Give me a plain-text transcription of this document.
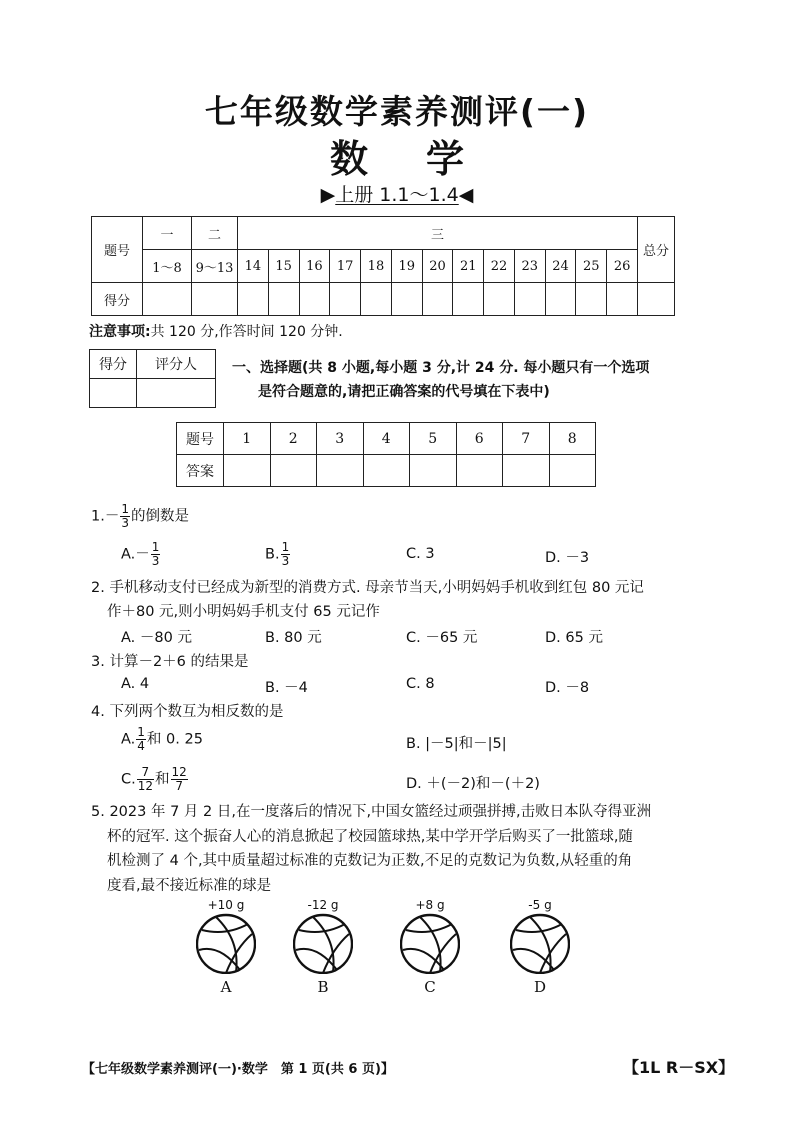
七年级数学素养测评(一)
数学
▶上册 1.1～1.4◀
题号	一	二	三													总分
	1～8	9～13	14	15	16	17	18	19	20	21	22	23	24	25	26	
得分																
注意事项:共 120 分,作答时间 120 分钟.
得分	评分人
		一、选择题(共 8 小题,每小题 3 分,计 24 分. 每小题只有一个选项
是符合题意的,请把正确答案的代号填在下表中)
题号	1	2	3	4	5	6	7	8
答案								
$1.- \frac{1}{3}$ 的倒数是
$A.- \frac{1}{3}$	B. $\frac{1}{3}$	C. 3	D. －3
2. 手机移动支付已经成为新型的消费方式. 母亲节当天,小明妈妈手机收到红包 80 元记
作＋80 元,则小明妈妈手机支付 65 元记作
A. －80 元	B. 80 元	C. －65 元	D. 65 元
3. 计算－2＋6 的结果是
A. 4	B. －4	C. 8	D. －8
4. 下列两个数互为相反数的是
A. $\frac{1}{4}$ 和 0. 25	B. |－5|和－|5|
C. $\frac{7}{12}$ 和 $\frac{12}{7}$	D. ＋(－2)和－(＋2)
5. 2023 年 7 月 2 日,在一度落后的情况下,中国女篮经过顽强拼搏,击败日本队夺得亚洲
杯的冠军. 这个振奋人心的消息掀起了校园篮球热,某中学开学后购买了一批篮球,随
机检测了 4 个,其中质量超过标准的克数记为正数,不足的克数记为负数,从轻重的角
度看,最不接近标准的球是
+10 g
A
-12 g
B
+8 g
C
-5 g
D
【七年级数学素养测评(一)·数学　第 1 页(共 6 页)】	【1L R－SX】
